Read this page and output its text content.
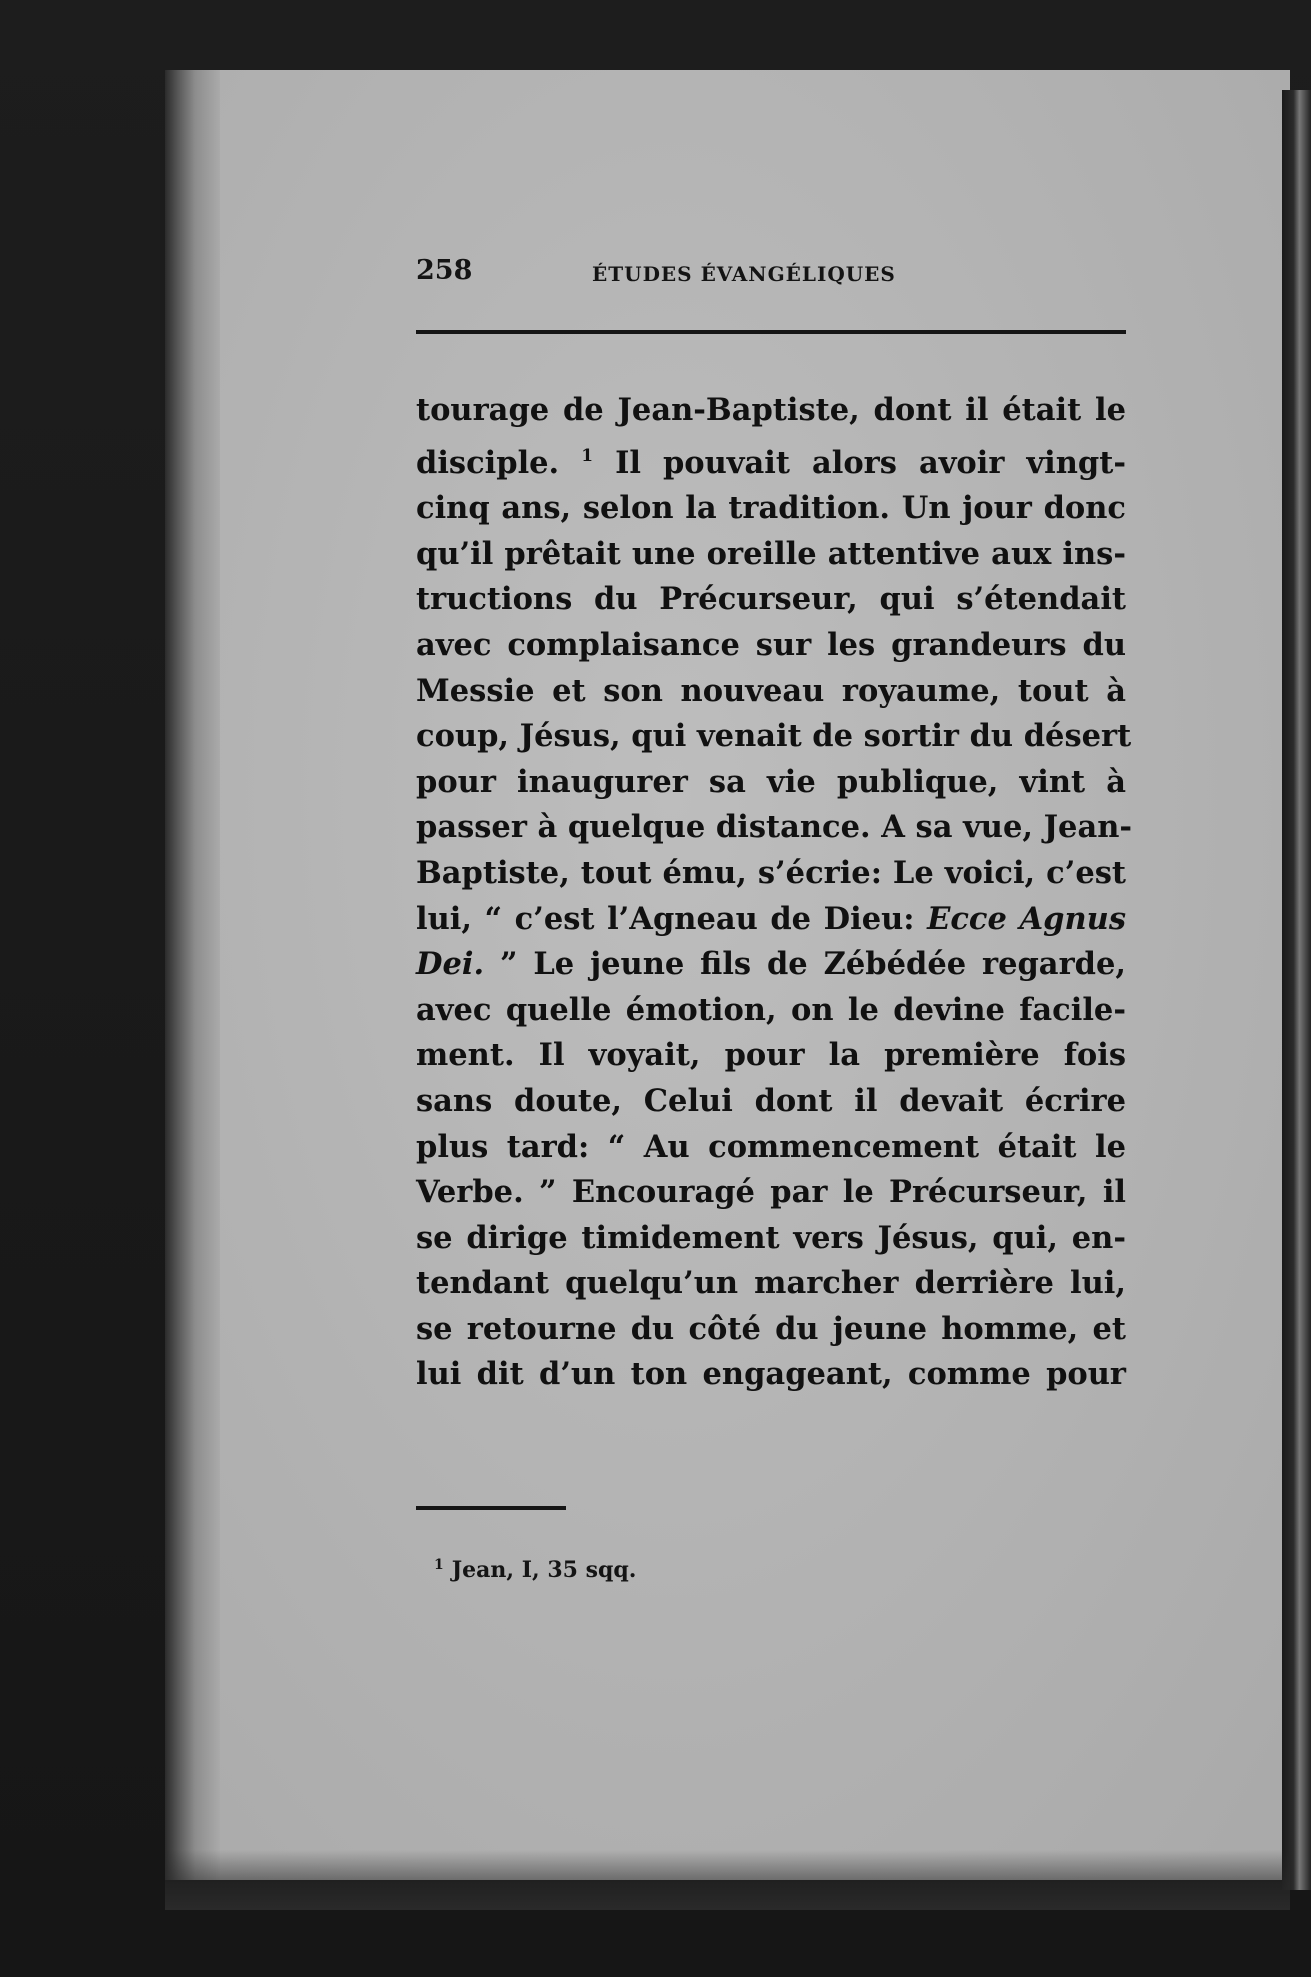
258	ÉTUDES ÉVANGÉLIQUES
tourage de Jean-Baptiste, dont il était le
disciple. $^1$ Il pouvait alors avoir vingt-
cinq ans, selon la tradition. Un jour donc
qu’il prêtait une oreille attentive aux ins-
tructions du Précurseur, qui s’étendait
avec complaisance sur les grandeurs du
Messie et son nouveau royaume, tout à
coup, Jésus, qui venait de sortir du désert
pour inaugurer sa vie publique, vint à
passer à quelque distance. A sa vue, Jean-
Baptiste, tout ému, s’écrie: Le voici, c’est
lui, “ c’est l’Agneau de Dieu: Ecce Agnus
Dei. ” Le jeune fils de Zébédée regarde,
avec quelle émotion, on le devine facile-
ment. Il voyait, pour la première fois
sans doute, Celui dont il devait écrire
plus tard: “ Au commencement était le
Verbe. ” Encouragé par le Précurseur, il
se dirige timidement vers Jésus, qui, en-
tendant quelqu’un marcher derrière lui,
se retourne du côté du jeune homme, et
lui dit d’un ton engageant, comme pour
$^1$ Jean, I, 35 sqq.
